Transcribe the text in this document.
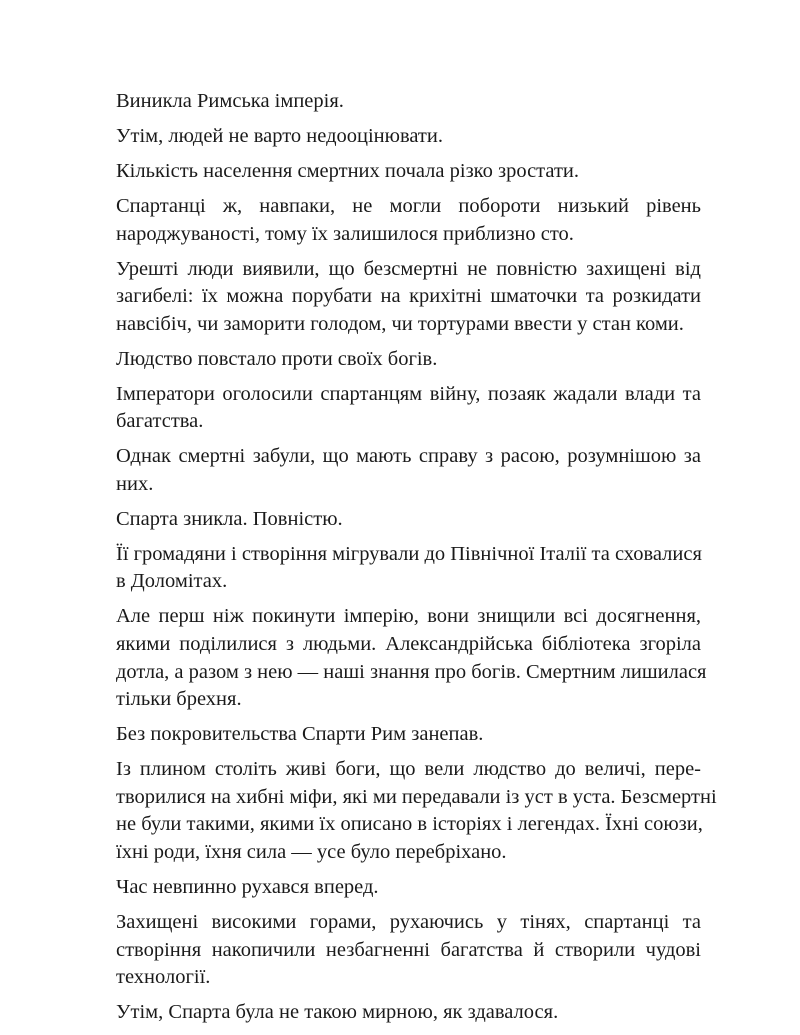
Виникла Римська імперія.

Утім, людей не варто недооцінювати.

Кількість населення смертних почала різко зростати.

Спартанці ж, навпаки, не могли побороти низький рівень
народжуваності, тому їх залишилося приблизно сто.

Урешті люди виявили, що безсмертні не повністю захищені від
загибелі: їх можна порубати на крихітні шматочки та розкидати
навсібіч, чи заморити голодом, чи тортурами ввести у стан коми.

Людство повстало проти своїх богів.

Імператори оголосили спартанцям війну, позаяк жадали влади та
багатства.

Однак смертні забули, що мають справу з расою, розумнішою за
них.

Спарта зникла. Повністю.

Її громадяни і створіння мігрували до Північної Італії та сховалися
в Доломітах.

Але перш ніж покинути імперію, вони знищили всі досягнення,
якими поділилися з людьми. Александрійська бібліотека згоріла
дотла, а разом з нею — наші знання про богів. Смертним лишилася
тільки брехня.

Без покровительства Спарти Рим занепав.

Із плином століть живі боги, що вели людство до величі, пере-
творилися на хибні міфи, які ми передавали із уст в уста. Безсмертні
не були такими, якими їх описано в історіях і легендах. Їхні союзи,
їхні роди, їхня сила — усе було перебріхано.

Час невпинно рухався вперед.

Захищені високими горами, рухаючись у тінях, спартанці та
створіння накопичили незбагненні багатства й створили чудові
технології.

Утім, Спарта була не такою мирною, як здавалося.
